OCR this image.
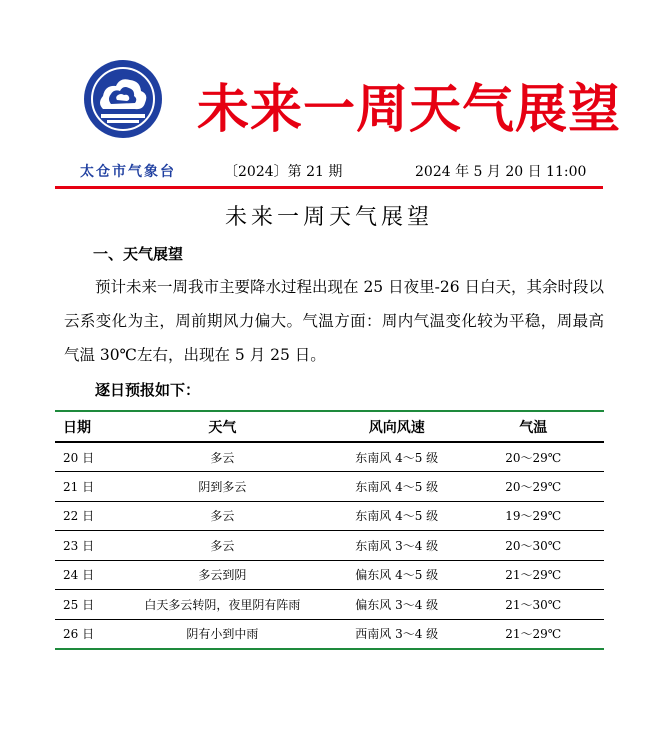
未来一周天气展望
太仓市气象台	〔2024〕第 21 期	2024 年 5 月 20 日 11:00
未来一周天气展望
一、天气展望
预计未来一周我市主要降水过程出现在 25 日夜里-26 日白天，其余时段以云系变化为主，周前期风力偏大。气温方面：周内气温变化较为平稳，周最高气温 30℃左右，出现在 5 月 25 日。
逐日预报如下：
日期	天气	风向风速	气温
20 日	多云	东南风 4～5 级	20～29℃
21 日	阴到多云	东南风 4～5 级	20～29℃
22 日	多云	东南风 4～5 级	19～29℃
23 日	多云	东南风 3～4 级	20～30℃
24 日	多云到阴	偏东风 4～5 级	21～29℃
25 日	白天多云转阴，夜里阴有阵雨	偏东风 3～4 级	21～30℃
26 日	阴有小到中雨	西南风 3～4 级	21～29℃
